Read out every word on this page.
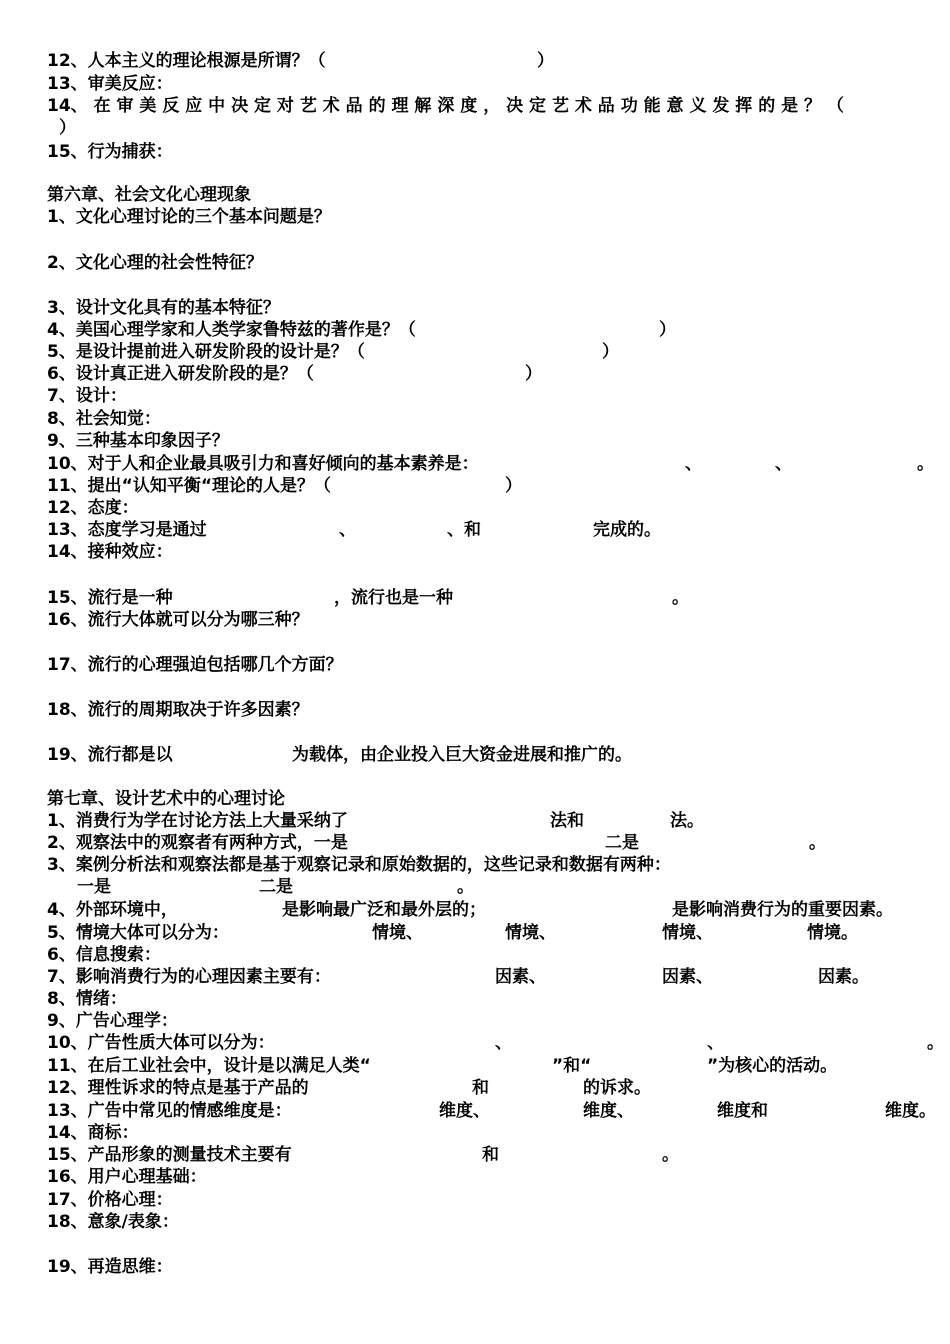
12、人本主义的理论根源是所谓？（	）
13、审美反应：
14、 在 审 美 反 应 中 决 定 对 艺 术 品 的 理 解 深 度 ， 决 定 艺 术 品 功 能 意 义 发 挥 的 是 ？ （
）
15、行为捕获：
第六章、社会文化心理现象
1、文化心理讨论的三个基本问题是？
2、文化心理的社会性特征？
3、设计文化具有的基本特征？
4、美国心理学家和人类学家鲁特兹的著作是？（	）
5、是设计提前进入研发阶段的设计是？（	）
6、设计真正进入研发阶段的是？（	）
7、设计：
8、社会知觉：
9、三种基本印象因子？
10、对于人和企业最具吸引力和喜好倾向的基本素养是：	、	、	。
11、提出“认知平衡“理论的人是？（	）
12、态度：
13、态度学习是通过	、	、和	完成的。
14、接种效应：
15、流行是一种	，流行也是一种	。
16、流行大体就可以分为哪三种？
17、流行的心理强迫包括哪几个方面？
18、流行的周期取决于许多因素？
19、流行都是以	为载体，由企业投入巨大资金进展和推广的。
第七章、设计艺术中的心理讨论
1、消费行为学在讨论方法上大量采纳了	法和	法。
2、观察法中的观察者有两种方式，一是	二是	。
3、案例分析法和观察法都是基于观察记录和原始数据的，这些记录和数据有两种：
一是	二是	。
4、外部环境中，	是影响最广泛和最外层的；	是影响消费行为的重要因素。
5、情境大体可以分为：	情境、	情境、	情境、	情境。
6、信息搜索：
7、影响消费行为的心理因素主要有：	因素、	因素、	因素。
8、情绪：
9、广告心理学：
10、广告性质大体可以分为：	、	、	。
11、在后工业社会中，设计是以满足人类“	”和“	”为核心的活动。
12、理性诉求的特点是基于产品的	和	的诉求。
13、广告中常见的情感维度是：	维度、	维度、	维度和	维度。
14、商标：
15、产品形象的测量技术主要有	和	。
16、用户心理基础：
17、价格心理：
18、意象/表象：
19、再造思维：
